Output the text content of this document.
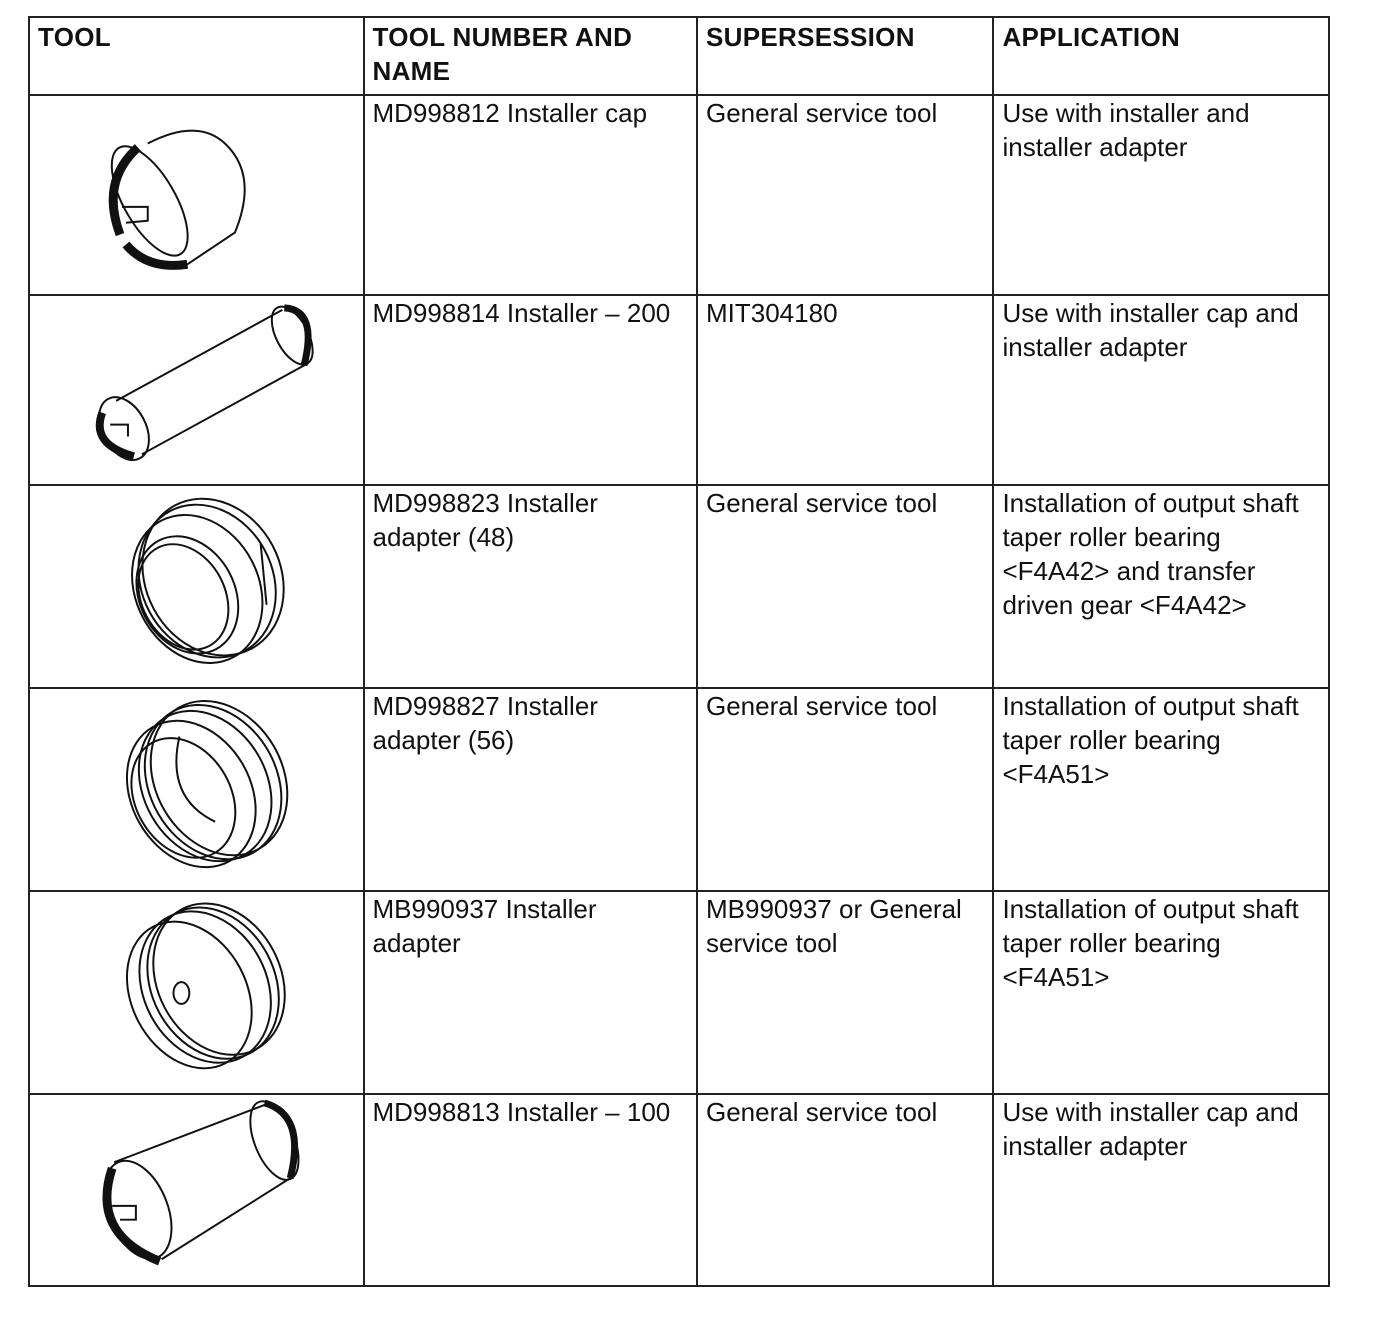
TOOL	TOOL NUMBER AND NAME	SUPERSESSION	APPLICATION

	MD998812 Installer cap	General service tool	Use with installer and installer adapter

	MD998814 Installer – 200	MIT304180	Use with installer cap and installer adapter

	MD998823 Installer adapter (48)	General service tool	Installation of output shaft taper roller bearing <F4A42> and transfer driven gear <F4A42>

	MD998827 Installer adapter (56)	General service tool	Installation of output shaft taper roller bearing <F4A51>

	MB990937 Installer adapter	MB990937 or General service tool	Installation of output shaft taper roller bearing <F4A51>

	MD998813 Installer – 100	General service tool	Use with installer cap and installer adapter
